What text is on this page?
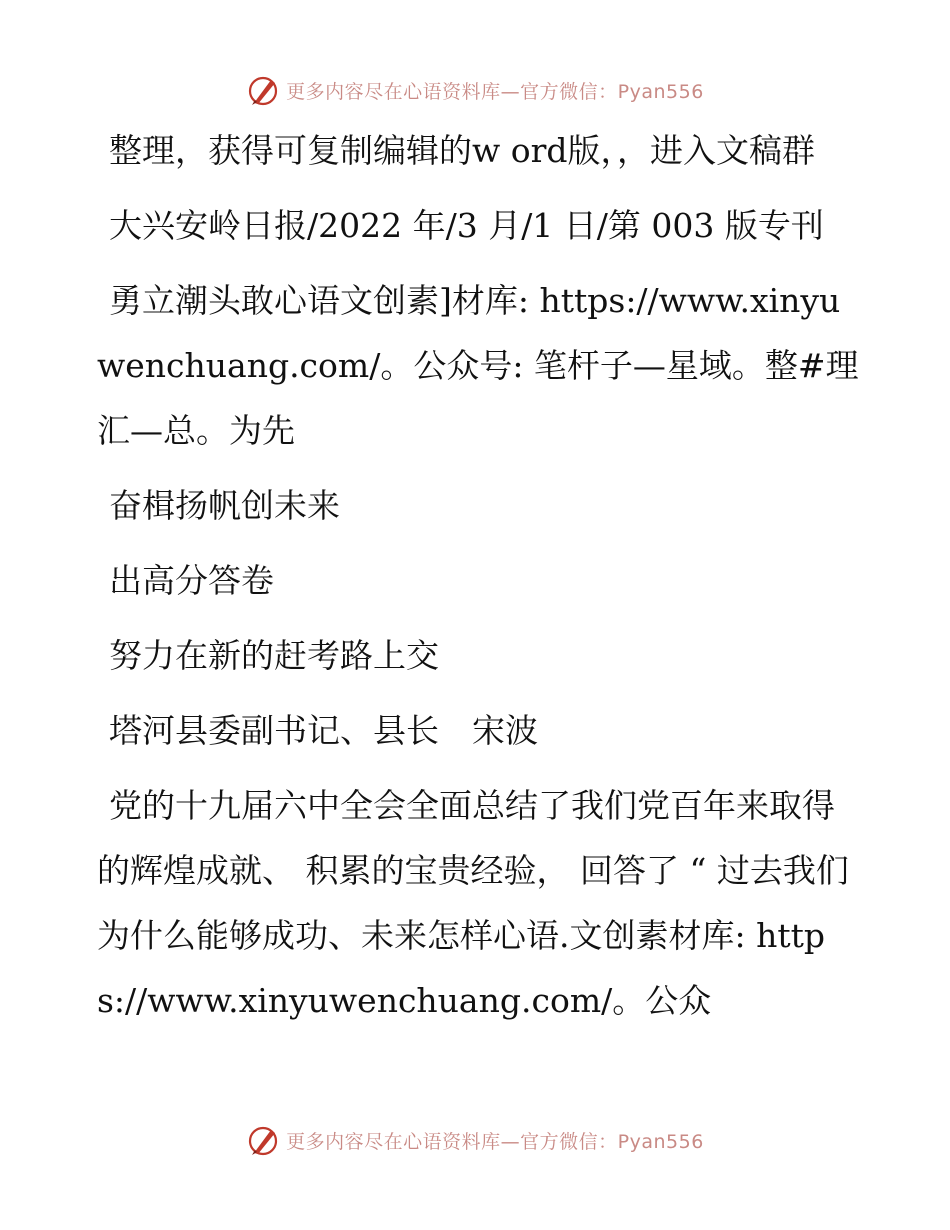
更多内容尽在心语资料库—官方微信：Pyan556

整理，获得可复制编辑的w ord版，，进入文稿群

大兴安岭日报/2022 年/3 月/1 日/第 003 版专刊

勇立潮头敢心语文创素]材库: https://www.xinyuwenchuang.com/。公众号: 笔杆子—星域。整#理汇—总。为先

奋楫扬帆创未来

出高分答卷

努力在新的赶考路上交

塔河县委副书记、县长　宋波

党的十九届六中全会全面总结了我们党百年来取得的辉煌成就、 积累的宝贵经验， 回答了 “ 过去我们为什么能够成功、未来怎样心语.文创素材库: https://www.xinyuwenchuang.com/。公众

更多内容尽在心语资料库—官方微信：Pyan556
